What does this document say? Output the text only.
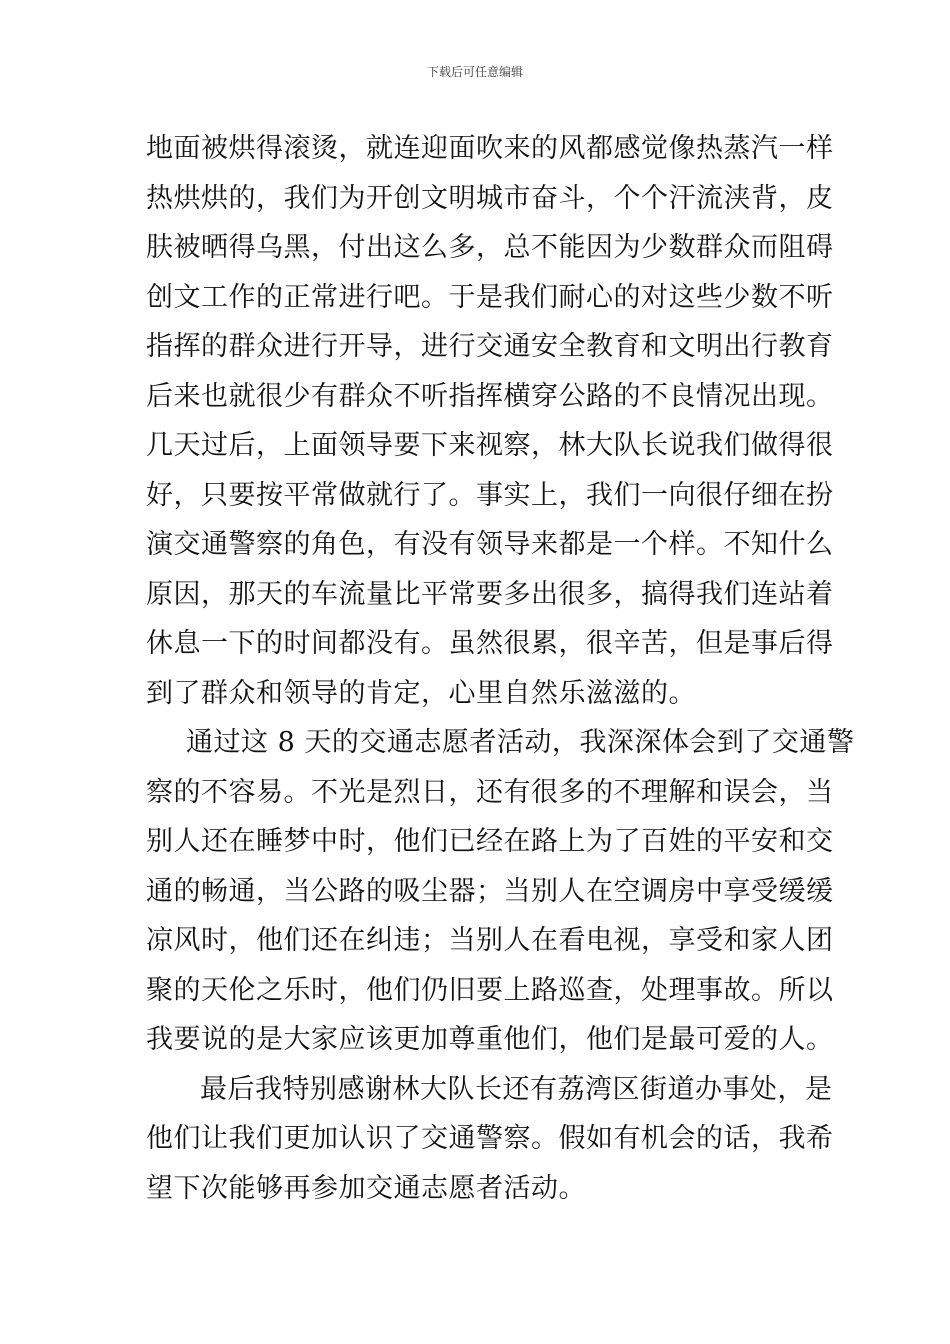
下载后可任意编辑
地面被烘得滚烫，就连迎面吹来的风都感觉像热蒸汽一样
热烘烘的，我们为开创文明城市奋斗，个个汗流浃背，皮
肤被晒得乌黑，付出这么多，总不能因为少数群众而阻碍
创文工作的正常进行吧。于是我们耐心的对这些少数不听
指挥的群众进行开导，进行交通安全教育和文明出行教育
后来也就很少有群众不听指挥横穿公路的不良情况出现。
几天过后，上面领导要下来视察，林大队长说我们做得很
好，只要按平常做就行了。事实上，我们一向很仔细在扮
演交通警察的角色，有没有领导来都是一个样。不知什么
原因，那天的车流量比平常要多出很多，搞得我们连站着
休息一下的时间都没有。虽然很累，很辛苦，但是事后得
到了群众和领导的肯定，心里自然乐滋滋的。
通过这 8 天的交通志愿者活动，我深深体会到了交通警
察的不容易。不光是烈日，还有很多的不理解和误会，当
别人还在睡梦中时，他们已经在路上为了百姓的平安和交
通的畅通，当公路的吸尘器；当别人在空调房中享受缓缓
凉风时，他们还在纠违；当别人在看电视，享受和家人团
聚的天伦之乐时，他们仍旧要上路巡查，处理事故。所以
我要说的是大家应该更加尊重他们，他们是最可爱的人。
最后我特别感谢林大队长还有荔湾区街道办事处，是
他们让我们更加认识了交通警察。假如有机会的话，我希
望下次能够再参加交通志愿者活动。
